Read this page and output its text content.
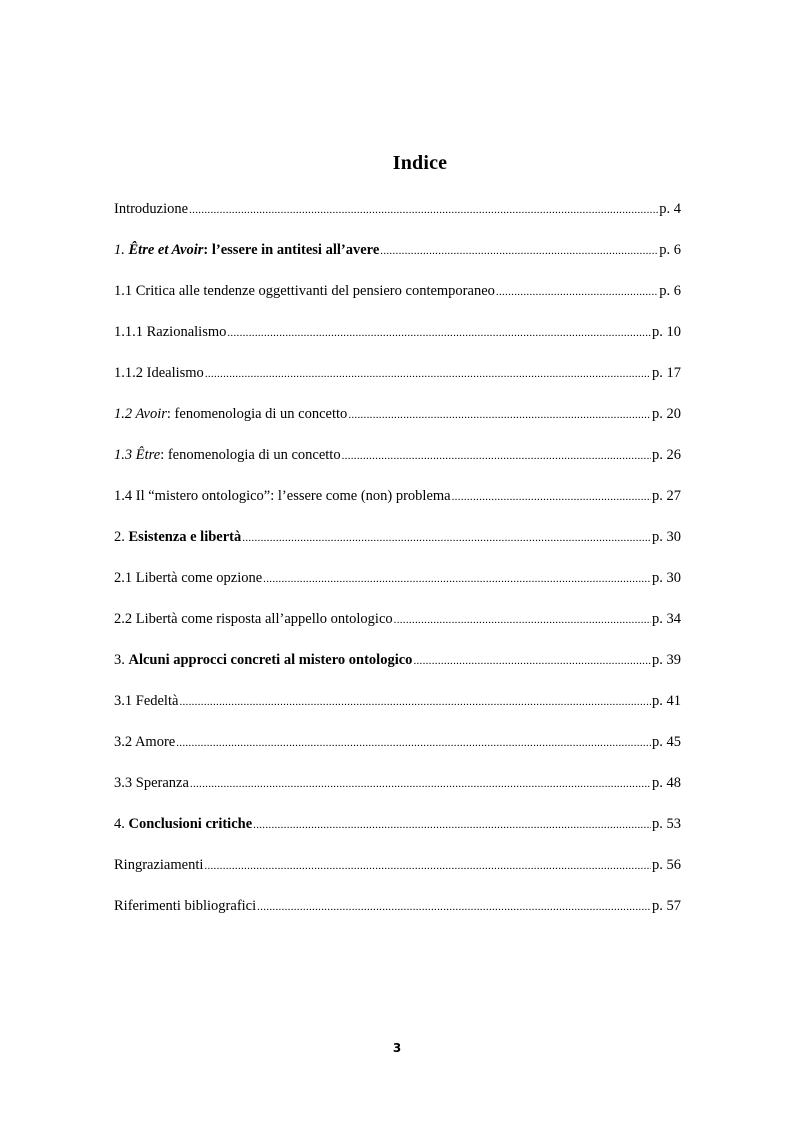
Indice
Introduzione .....	p. 4
1. Être et Avoir: l’essere in antitesi all’avere .....	p. 6
1.1 Critica alle tendenze oggettivanti del pensiero contemporaneo .....	p. 6
1.1.1 Razionalismo .....	p. 10
1.1.2 Idealismo .....	p. 17
1.2 Avoir: fenomenologia di un concetto .....	p. 20
1.3 Être: fenomenologia di un concetto .....	p. 26
1.4 Il “mistero ontologico”: l’essere come (non) problema .....	p. 27
2. Esistenza e libertà .....	p. 30
2.1 Libertà come opzione .....	p. 30
2.2 Libertà come risposta all’appello ontologico .....	p. 34
3. Alcuni approcci concreti al mistero ontologico .....	p. 39
3.1 Fedeltà .....	p. 41
3.2 Amore .....	p. 45
3.3 Speranza .....	p. 48
4. Conclusioni critiche .....	p. 53
Ringraziamenti .....	p. 56
Riferimenti bibliografici .....	p. 57
3
